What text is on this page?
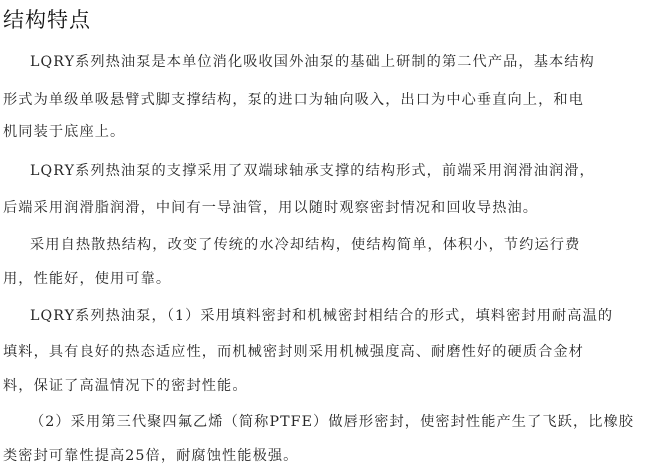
结构特点

LQRY系列热油泵是本单位消化吸收国外油泵的基础上研制的第二代产品，基本结构

形式为单级单吸悬臂式脚支撑结构，泵的进口为轴向吸入，出口为中心垂直向上，和电

机同装于底座上。

LQRY系列热油泵的支撑采用了双端球轴承支撑的结构形式，前端采用润滑油润滑，

后端采用润滑脂润滑，中间有一导油管，用以随时观察密封情况和回收导热油。

采用自热散热结构，改变了传统的水冷却结构，使结构简单，体积小，节约运行费

用，性能好，使用可靠。

LQRY系列热油泵，（1）采用填料密封和机械密封相结合的形式，填料密封用耐高温的

填料，具有良好的热态适应性，而机械密封则采用机械强度高、耐磨性好的硬质合金材

料，保证了高温情况下的密封性能。

（2）采用第三代聚四氟乙烯（简称PTFE）做唇形密封，使密封性能产生了飞跃，比橡胶

类密封可靠性提高25倍，耐腐蚀性能极强。
